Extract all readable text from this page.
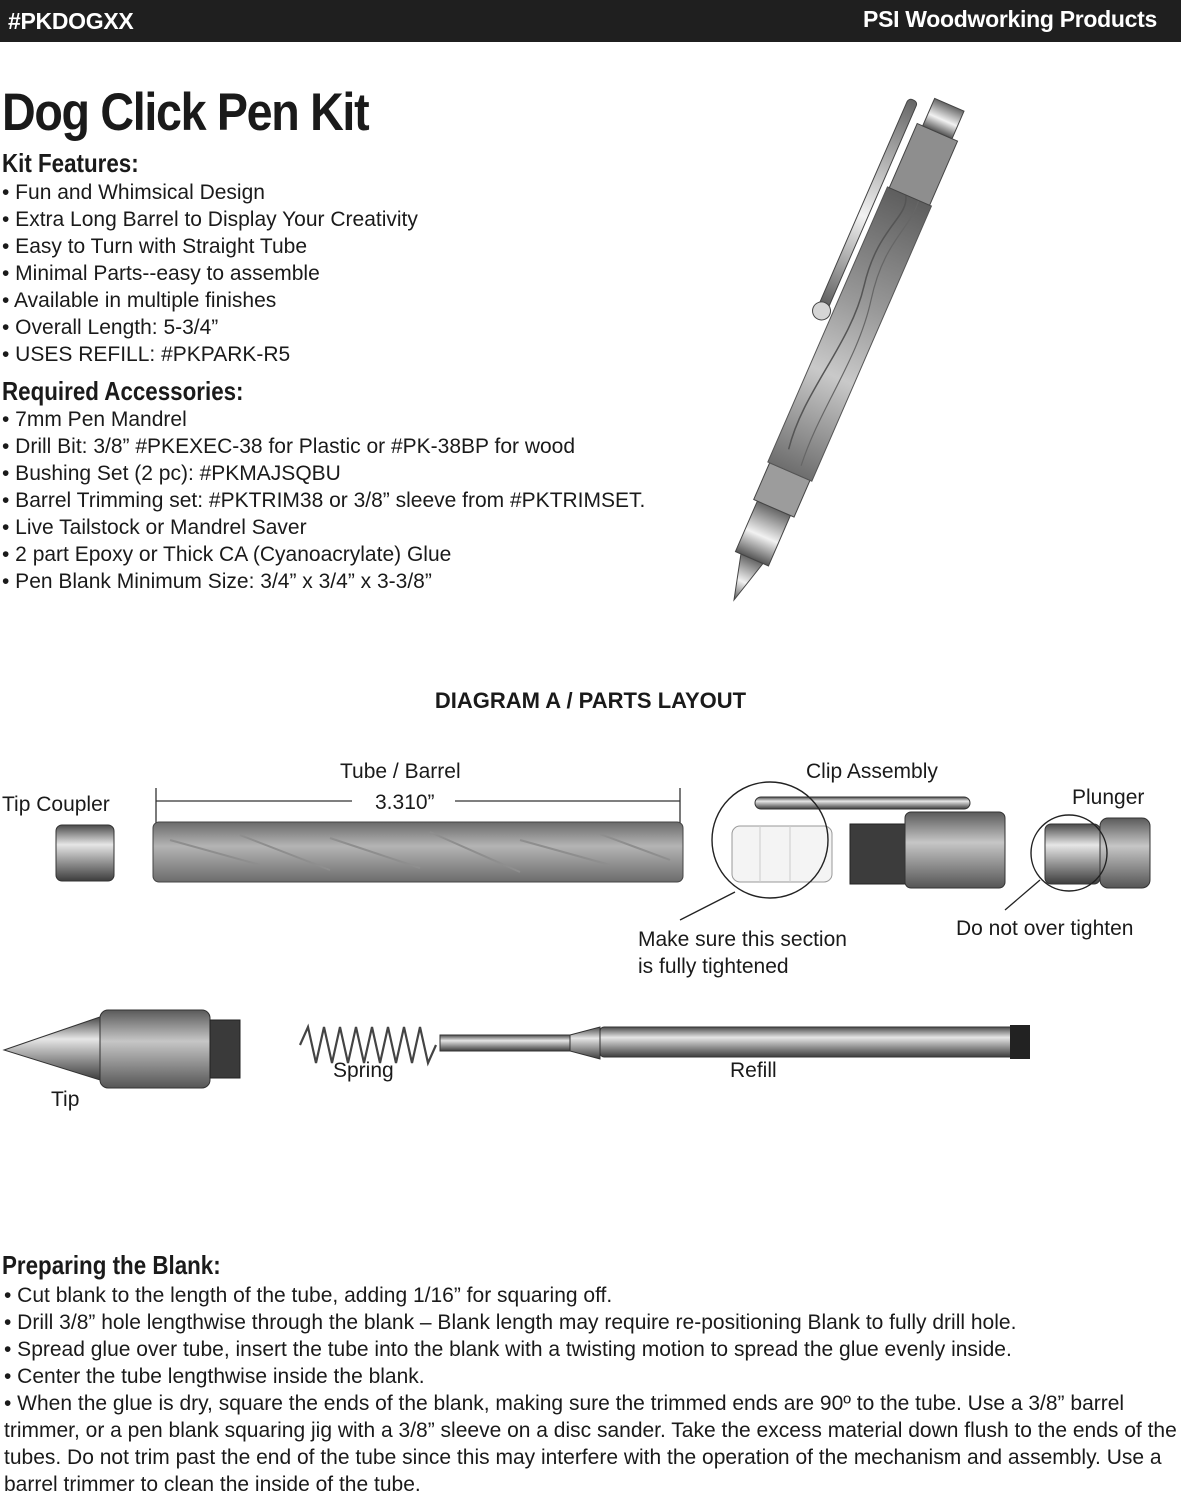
#PKDOGXX	PSI Woodworking Products
Dog Click Pen Kit
Kit Features:
• Fun and Whimsical Design
• Extra Long Barrel to Display Your Creativity
• Easy to Turn with Straight Tube
• Minimal Parts--easy to assemble
• Available in multiple finishes
• Overall Length: 5-3/4”
• USES REFILL: #PKPARK-R5
Required Accessories:
• 7mm Pen Mandrel
• Drill Bit: 3/8” #PKEXEC-38 for Plastic or #PK-38BP for wood
• Bushing Set (2 pc): #PKMAJSQBU
• Barrel Trimming set: #PKTRIM38 or 3/8” sleeve from #PKTRIMSET.
• Live Tailstock or Mandrel Saver
• 2 part Epoxy or Thick CA (Cyanoacrylate) Glue
• Pen Blank Minimum Size: 3/4” x 3/4” x 3-3/8”
DIAGRAM A / PARTS LAYOUT
Tip Coupler
Tube / Barrel
3.310”
Clip Assembly
Plunger
Make sure this section
is fully tightened
Do not over tighten
Spring	Refill
Tip
Preparing the Blank:

• Cut blank to the length of the tube, adding 1/16” for squaring off.

• Drill 3/8” hole lengthwise through the blank – Blank length may require re-positioning Blank to fully drill hole.

• Spread glue over tube, insert the tube into the blank with a twisting motion to spread the glue evenly inside.

• Center the tube lengthwise inside the blank.

• When the glue is dry, square the ends of the blank, making sure the trimmed ends are 90º to the tube. Use a 3/8” barrel trimmer, or a pen blank squaring jig with a 3/8” sleeve on a disc sander. Take the excess material down flush to the ends of the tubes. Do not trim past the end of the tube since this may interfere with the operation of the mechanism and assembly. Use a barrel trimmer to clean the inside of the tube.
